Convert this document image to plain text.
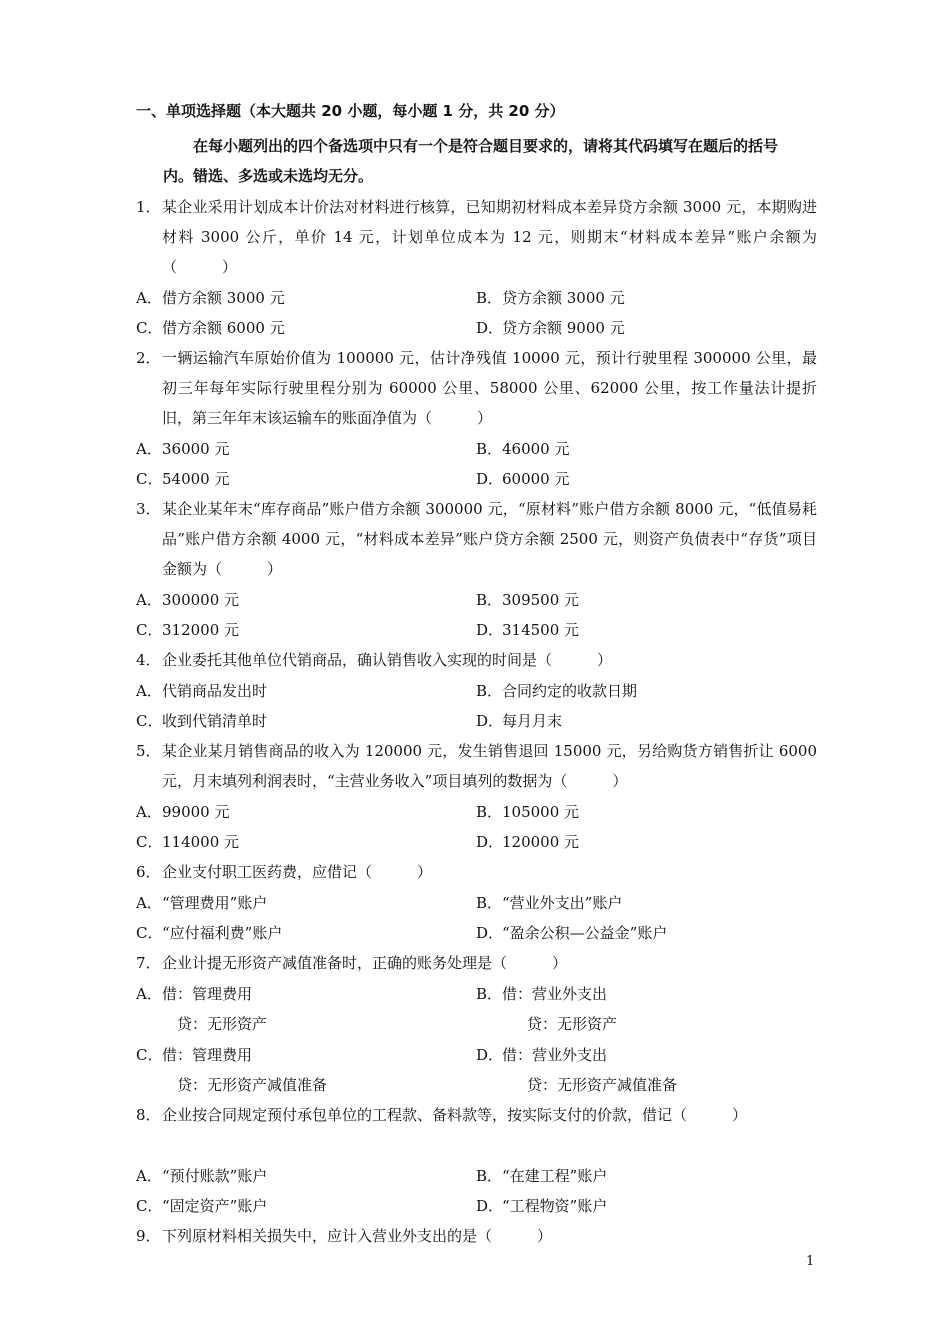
一、单项选择题（本大题共 20 小题，每小题 1 分，共 20 分）
在每小题列出的四个备选项中只有一个是符合题目要求的，请将其代码填写在题后的括号内。错选、多选或未选均无分。
1． 某企业采用计划成本计价法对材料进行核算，已知期初材料成本差异贷方余额 3000 元，本期购进材料 3000 公斤，单价 14 元，计划单位成本为 12 元，则期末“材料成本差异”账户余额为（　　　）
A．借方余额 3000 元	B．贷方余额 3000 元
C．借方余额 6000 元	D．贷方余额 9000 元
2． 一辆运输汽车原始价值为 100000 元，估计净残值 10000 元，预计行驶里程 300000 公里，最初三年每年实际行驶里程分别为 60000 公里、58000 公里、62000 公里，按工作量法计提折旧，第三年年末该运输车的账面净值为（　　　）
A．36000 元	B．46000 元
C．54000 元	D．60000 元
3． 某企业某年末“库存商品”账户借方余额 300000 元，“原材料”账户借方余额 8000 元，“低值易耗品”账户借方余额 4000 元，“材料成本差异”账户贷方余额 2500 元，则资产负债表中“存货”项目金额为（　　　）
A．300000 元	B．309500 元
C．312000 元	D．314500 元
4． 企业委托其他单位代销商品，确认销售收入实现的时间是（　　　）
A．代销商品发出时	B．合同约定的收款日期
C．收到代销清单时	D．每月月末
5． 某企业某月销售商品的收入为 120000 元，发生销售退回 15000 元，另给购货方销售折让 6000 元，月末填列利润表时，“主营业务收入”项目填列的数据为（　　　）
A．99000 元	B．105000 元
C．114000 元	D．120000 元
6． 企业支付职工医药费，应借记（　　　）
A．“管理费用”账户	B．“营业外支出”账户
C．“应付福利费”账户	D．“盈余公积—公益金”账户
7． 企业计提无形资产减值准备时，正确的账务处理是（　　　）
A．借：管理费用
贷：无形资产
B．借：营业外支出
贷：无形资产
C．借：管理费用
贷：无形资产减值准备
D．借：营业外支出
贷：无形资产减值准备
8． 企业按合同规定预付承包单位的工程款、备料款等，按实际支付的价款，借记（　　　）
A．“预付账款”账户	B．“在建工程”账户
C．“固定资产”账户	D．“工程物资”账户
9． 下列原材料相关损失中，应计入营业外支出的是（　　　）
1
